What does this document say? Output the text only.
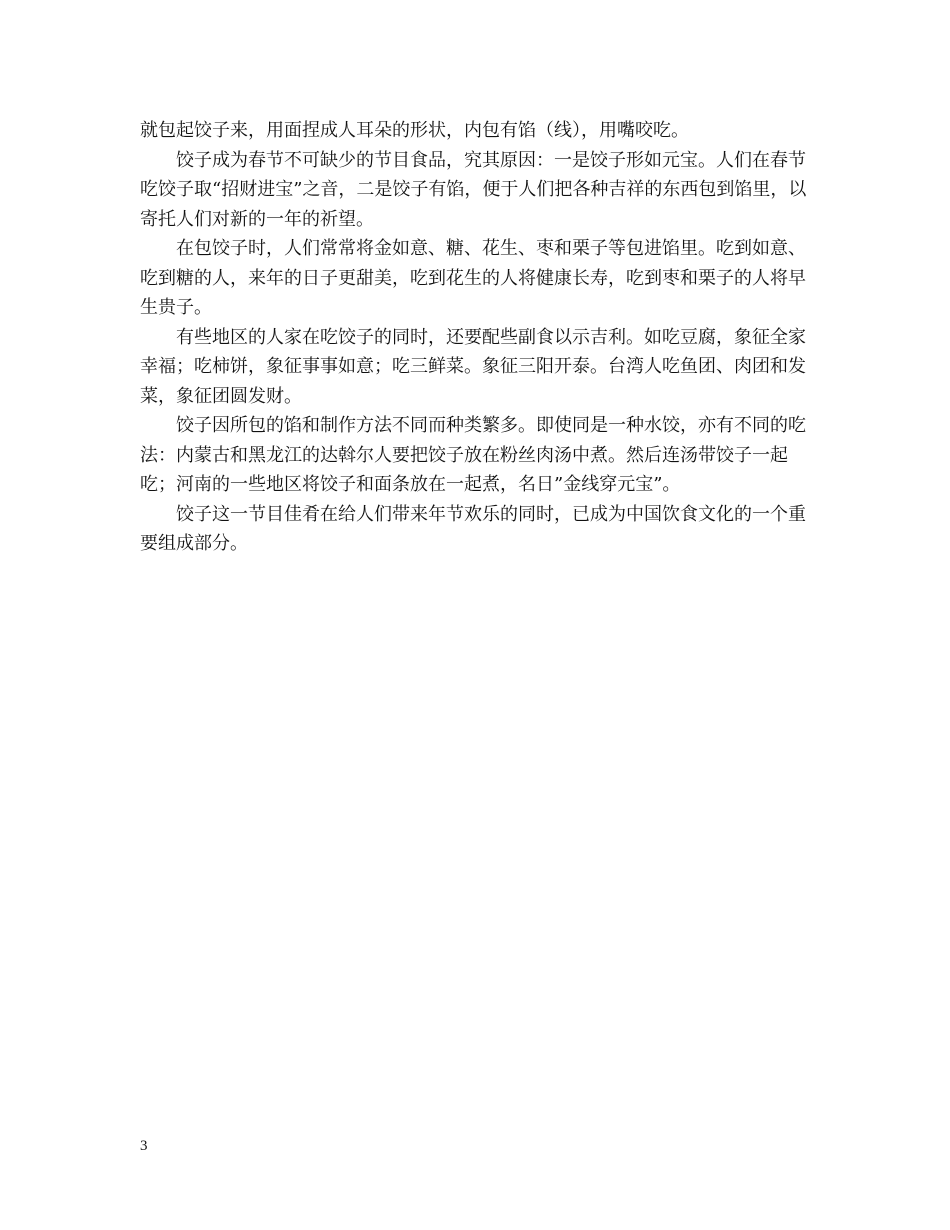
就包起饺子来，用面捏成人耳朵的形状，内包有馅（线），用嘴咬吃。

饺子成为春节不可缺少的节目食品，究其原因：一是饺子形如元宝。人们在春节吃饺子取“招财进宝”之音，二是饺子有馅，便于人们把各种吉祥的东西包到馅里，以寄托人们对新的一年的祈望。

在包饺子时，人们常常将金如意、糖、花生、枣和栗子等包进馅里。吃到如意、吃到糖的人，来年的日子更甜美，吃到花生的人将健康长寿，吃到枣和栗子的人将早生贵子。

有些地区的人家在吃饺子的同时，还要配些副食以示吉利。如吃豆腐，象征全家幸福；吃柿饼，象征事事如意；吃三鲜菜。象征三阳开泰。台湾人吃鱼团、肉团和发菜，象征团圆发财。

饺子因所包的馅和制作方法不同而种类繁多。即使同是一种水饺，亦有不同的吃法：内蒙古和黑龙江的达斡尔人要把饺子放在粉丝肉汤中煮。然后连汤带饺子一起吃；河南的一些地区将饺子和面条放在一起煮，名日”金线穿元宝”。

饺子这一节目佳肴在给人们带来年节欢乐的同时，已成为中国饮食文化的一个重要组成部分。

3
